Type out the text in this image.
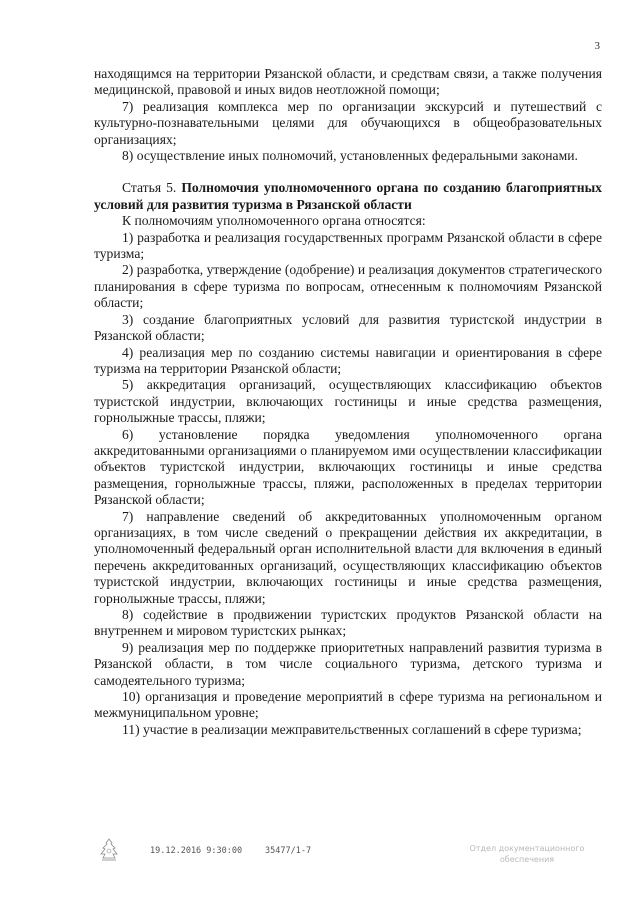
3

находящимся на территории Рязанской области, и средствам связи, а также получения медицинской, правовой и иных видов неотложной помощи;

7) реализация комплекса мер по организации экскурсий и путешествий с культурно-познавательными целями для обучающихся в общеобразовательных организациях;

8) осуществление иных полномочий, установленных федеральными законами.

Статья 5. Полномочия уполномоченного органа по созданию благоприятных условий для развития туризма в Рязанской области

К полномочиям уполномоченного органа относятся:

1) разработка и реализация государственных программ Рязанской области в сфере туризма;

2) разработка, утверждение (одобрение) и реализация документов стратегического планирования в сфере туризма по вопросам, отнесенным к полномочиям Рязанской области;

3) создание благоприятных условий для развития туристской индустрии в Рязанской области;

4) реализация мер по созданию системы навигации и ориентирования в сфере туризма на территории Рязанской области;

5) аккредитация организаций, осуществляющих классификацию объектов туристской индустрии, включающих гостиницы и иные средства размещения, горнолыжные трассы, пляжи;

6) установление порядка уведомления уполномоченного органа аккредитованными организациями о планируемом ими осуществлении классификации объектов туристской индустрии, включающих гостиницы и иные средства размещения, горнолыжные трассы, пляжи, расположенных в пределах территории Рязанской области;

7) направление сведений об аккредитованных уполномоченным органом организациях, в том числе сведений о прекращении действия их аккредитации, в уполномоченный федеральный орган исполнительной власти для включения в единый перечень аккредитованных организаций, осуществляющих классификацию объектов туристской индустрии, включающих гостиницы и иные средства размещения, горнолыжные трассы, пляжи;

8) содействие в продвижении туристских продуктов Рязанской области на внутреннем и мировом туристских рынках;

9) реализация мер по поддержке приоритетных направлений развития туризма в Рязанской области, в том числе социального туризма, детского туризма и самодеятельного туризма;

10) организация и проведение мероприятий в сфере туризма на региональном и межмуниципальном уровне;

11) участие в реализации межправительственных соглашений в сфере туризма;

19.12.2016 9:30:00	35477/1-7	Отдел документационного обеспечения
